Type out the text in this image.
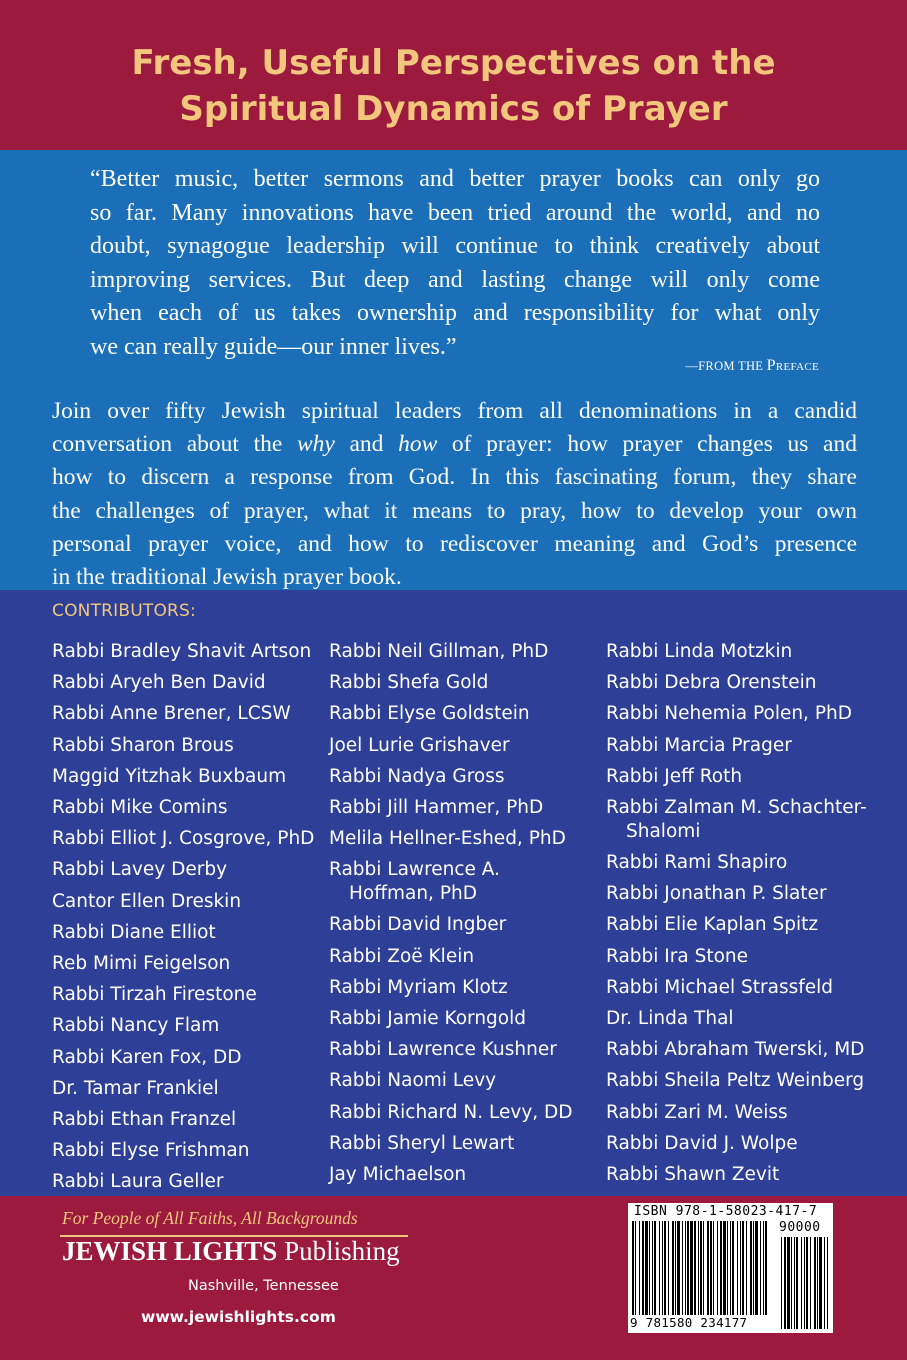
Fresh, Useful Perspectives on the
Spiritual Dynamics of Prayer
“Better music, better sermons and better prayer books can only go
so far. Many innovations have been tried around the world, and no
doubt, synagogue leadership will continue to think creatively about
improving services. But deep and lasting change will only come
when each of us takes ownership and responsibility for what only
we can really guide—our inner lives.”
—FROM THE Preface
Join over fifty Jewish spiritual leaders from all denominations in a candid
conversation about the why and how of prayer: how prayer changes us and
how to discern a response from God. In this fascinating forum, they share
the challenges of prayer, what it means to pray, how to develop your own
personal prayer voice, and how to rediscover meaning and God’s presence
in the traditional Jewish prayer book.
CONTRIBUTORS:
Rabbi Bradley Shavit Artson
Rabbi Aryeh Ben David
Rabbi Anne Brener, LCSW
Rabbi Sharon Brous
Maggid Yitzhak Buxbaum
Rabbi Mike Comins
Rabbi Elliot J. Cosgrove, PhD
Rabbi Lavey Derby
Cantor Ellen Dreskin
Rabbi Diane Elliot
Reb Mimi Feigelson
Rabbi Tirzah Firestone
Rabbi Nancy Flam
Rabbi Karen Fox, DD
Dr. Tamar Frankiel
Rabbi Ethan Franzel
Rabbi Elyse Frishman
Rabbi Laura Geller
Rabbi Neil Gillman, PhD
Rabbi Shefa Gold
Rabbi Elyse Goldstein
Joel Lurie Grishaver
Rabbi Nadya Gross
Rabbi Jill Hammer, PhD
Melila Hellner-Eshed, PhD
Rabbi Lawrence A.
Hoffman, PhD
Rabbi David Ingber
Rabbi Zoë Klein
Rabbi Myriam Klotz
Rabbi Jamie Korngold
Rabbi Lawrence Kushner
Rabbi Naomi Levy
Rabbi Richard N. Levy, DD
Rabbi Sheryl Lewart
Jay Michaelson
Rabbi Linda Motzkin
Rabbi Debra Orenstein
Rabbi Nehemia Polen, PhD
Rabbi Marcia Prager
Rabbi Jeff Roth
Rabbi Zalman M. Schachter-
Shalomi
Rabbi Rami Shapiro
Rabbi Jonathan P. Slater
Rabbi Elie Kaplan Spitz
Rabbi Ira Stone
Rabbi Michael Strassfeld
Dr. Linda Thal
Rabbi Abraham Twerski, MD
Rabbi Sheila Peltz Weinberg
Rabbi Zari M. Weiss
Rabbi David J. Wolpe
Rabbi Shawn Zevit
For People of All Faiths, All Backgrounds
JEWISH LIGHTS Publishing
Nashville, Tennessee
www.jewishlights.com
ISBN 978-1-58023-417-7
90000
9 781580 234177
